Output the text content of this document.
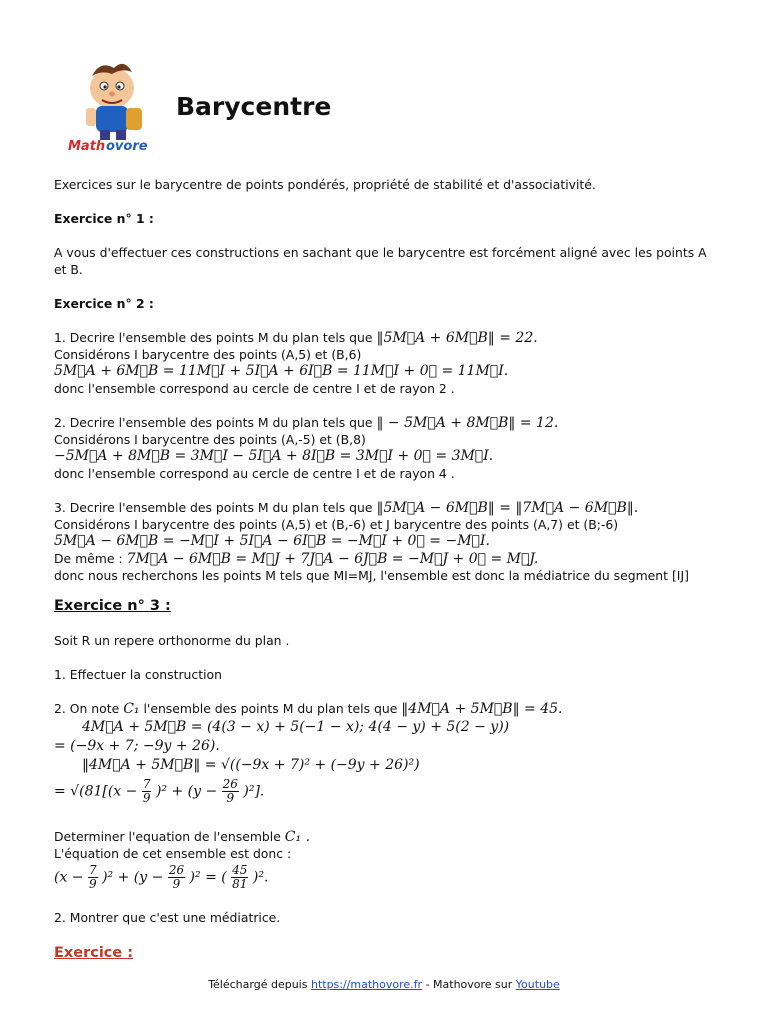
Math ovore
Barycentre
Exercices sur le barycentre de points pondérés, propriété de stabilité et d'associativité.
Exercice n° 1 :
A vous d'effectuer ces constructions en sachant que le barycentre est forcément aligné avec les points A
et B.
Exercice n° 2 :
1. Decrire l'ensemble des points M du plan tels que ‖5M⃗A + 6M⃗B‖ = 22.
Considérons I barycentre des points (A,5) et (B,6)
5M⃗A + 6M⃗B = 11M⃗I + 5I⃗A + 6I⃗B = 11M⃗I + 0⃗ = 11M⃗I.
donc l'ensemble correspond au cercle de centre I et de rayon 2 .
2. Decrire l'ensemble des points M du plan tels que ‖ − 5M⃗A + 8M⃗B‖ = 12.
Considérons I barycentre des points (A,-5) et (B,8)
−5M⃗A + 8M⃗B = 3M⃗I − 5I⃗A + 8I⃗B = 3M⃗I + 0⃗ = 3M⃗I.
donc l'ensemble correspond au cercle de centre I et de rayon 4 .
3. Decrire l'ensemble des points M du plan tels que ‖5M⃗A − 6M⃗B‖ = ‖7M⃗A − 6M⃗B‖.
Considérons I barycentre des points (A,5) et (B,-6) et J barycentre des points (A,7) et (B;-6)
5M⃗A − 6M⃗B = −M⃗I + 5I⃗A − 6I⃗B = −M⃗I + 0⃗ = −M⃗I.
De même : 7M⃗A − 6M⃗B = M⃗J + 7J⃗A − 6J⃗B = −M⃗J + 0⃗ = M⃗J.
donc nous recherchons les points M tels que MI=MJ, l'ensemble est donc la médiatrice du segment [IJ]
Exercice n° 3 :
Soit R un repere orthonorme du plan .
1. Effectuer la construction
2. On note C₁ l'ensemble des points M du plan tels que ‖4M⃗A + 5M⃗B‖ = 45.
4M⃗A + 5M⃗B = (4(3 − x) + 5(−1 − x); 4(4 − y) + 5(2 − y))
= (−9x + 7; −9y + 26).
‖4M⃗A + 5M⃗B‖ = √((−9x + 7)² + (−9y + 26)²)
= $√(81[(x - \frac{7}{9} )^2 + (y - \frac{26}{9} )^2]$.
Determiner l'equation de l'ensemble C₁ .
L'équation de cet ensemble est donc :
$(x - \frac{7}{9} )^2 + (y - \frac{26}{9} )^2$ = ( $\frac{45}{81} )^2$.
2. Montrer que c'est une médiatrice.
Exercice :
Téléchargé depuis https://mathovore.fr - Mathovore sur Youtube
